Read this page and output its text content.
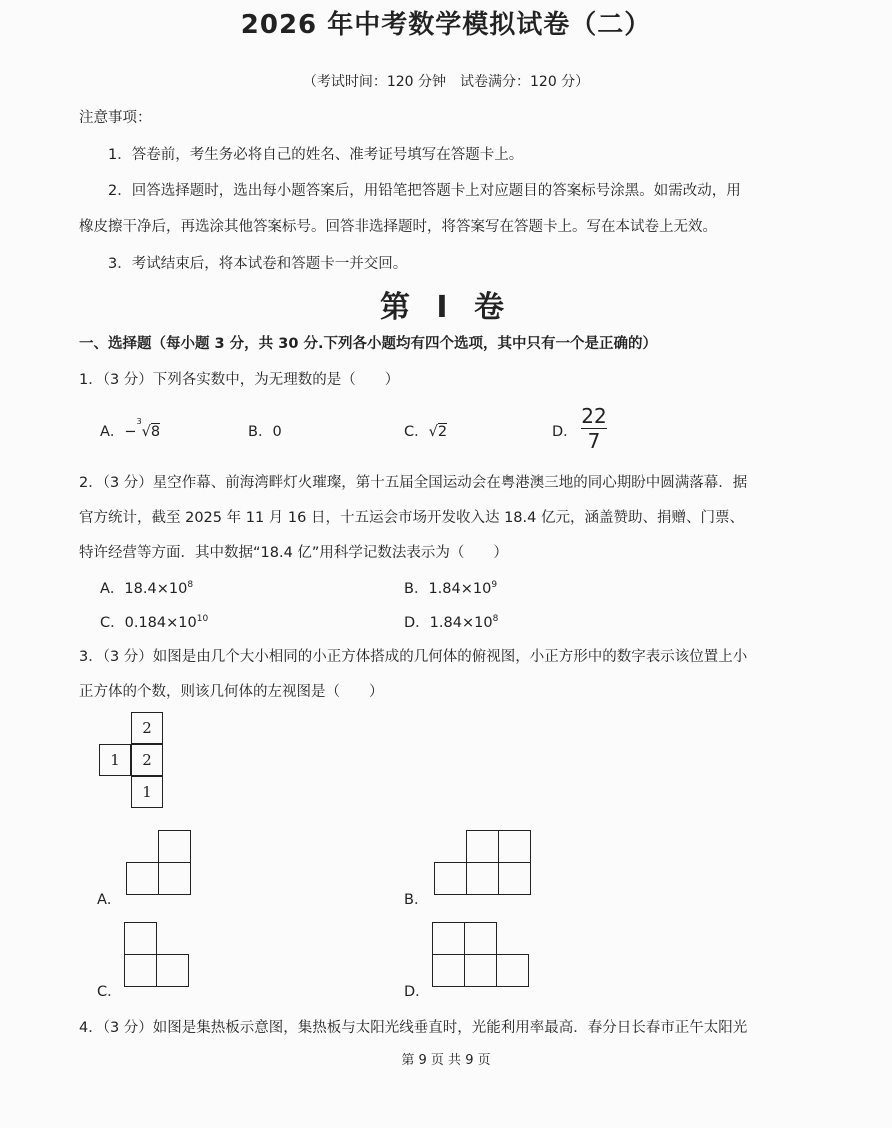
2026 年中考数学模拟试卷（二）
（考试时间：120 分钟　试卷满分：120 分）
注意事项：
1．答卷前，考生务必将自己的姓名、准考证号填写在答题卡上。
2．回答选择题时，选出每小题答案后，用铅笔把答题卡上对应题目的答案标号涂黑。如需改动，用
橡皮擦干净后，再选涂其他答案标号。回答非选择题时，将答案写在答题卡上。写在本试卷上无效。
3．考试结束后，将本试卷和答题卡一并交回。
第 I 卷
一、选择题（每小题 3 分，共 30 分.下列各小题均有四个选项，其中只有一个是正确的）
1．（3 分）下列各实数中，为无理数的是（　　）
A．−$^3$√8	B．0	C．√2	D．
22
7
2．（3 分）星空作幕、前海湾畔灯火璀璨，第十五届全国运动会在粤港澳三地的同心期盼中圆满落幕．据
官方统计，截至 2025 年 11 月 16 日，十五运会市场开发收入达 18.4 亿元，涵盖赞助、捐赠、门票、
特许经营等方面．其中数据“18.4 亿”用科学记数法表示为（　　）
A．$18.4\times 10^8$	B．$1.84\times 10^9$
C．$0.184\times 10^{10}$	D．$1.84\times 10^8$
3．（3 分）如图是由几个大小相同的小正方体搭成的几何体的俯视图，小正方形中的数字表示该位置上小
正方体的个数，则该几何体的左视图是（　　）
2
1	2
1
A．	B．
C．	D．
4．（3 分）如图是集热板示意图，集热板与太阳光线垂直时，光能利用率最高．春分日长春市正午太阳光
第 9 页 共 9 页
